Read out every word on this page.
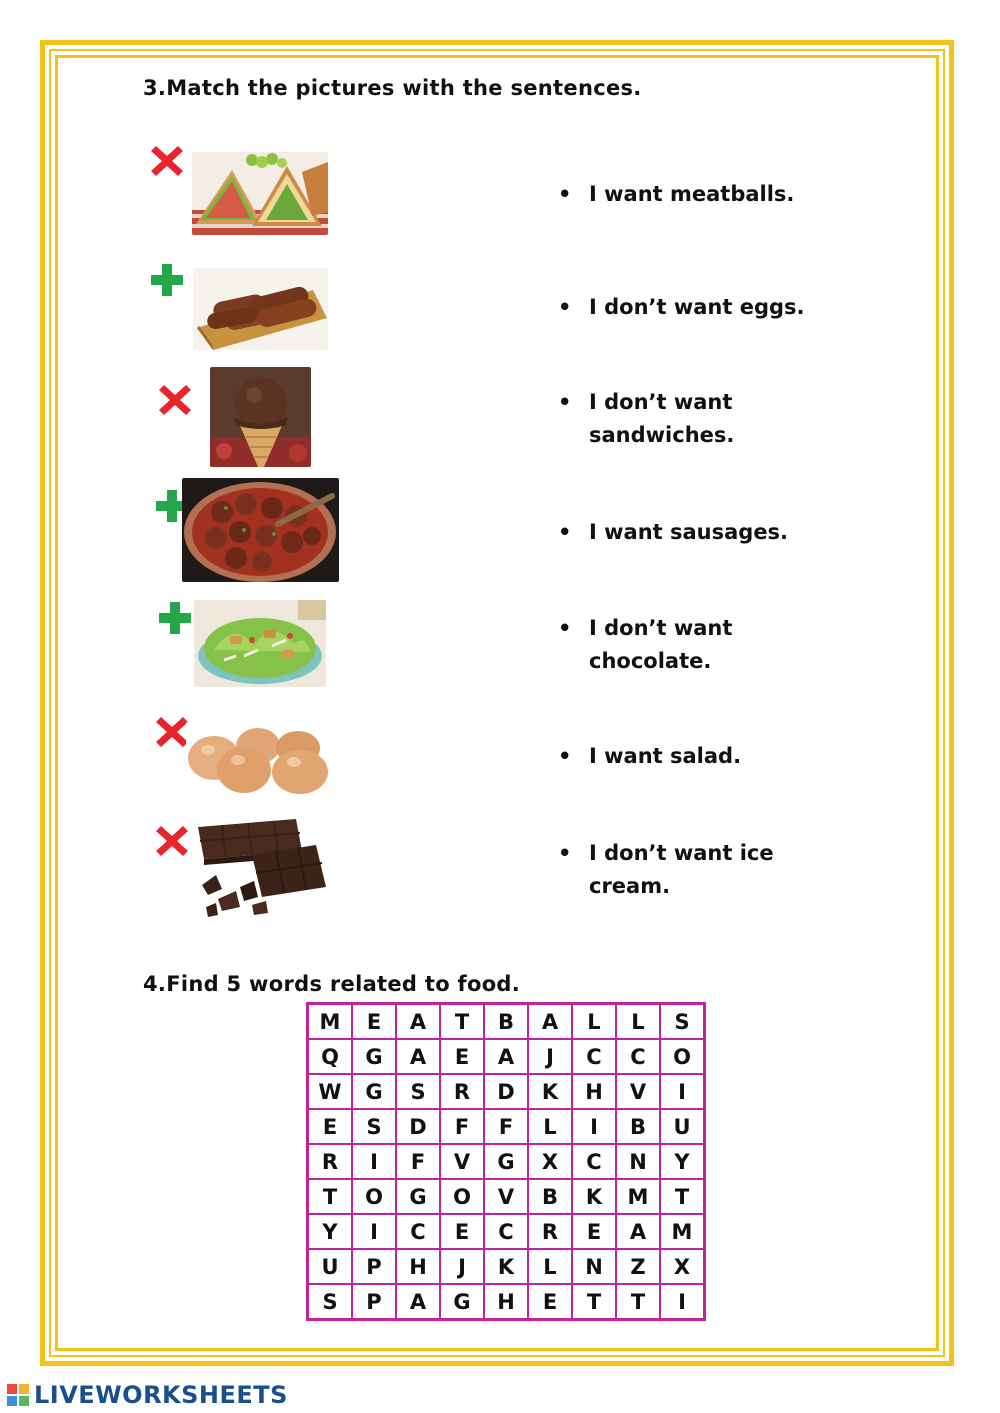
3.Match the pictures with the sentences.
• I want meatballs.
• I don’t want eggs.
• I don’t want sandwiches.
• I want sausages.
• I don’t want chocolate.
• I want salad.
• I don’t want ice cream.
4.Find 5 words related to food.
M	E	A	T	B	A	L	L	S
Q	G	A	E	A	J	C	C	O
W	G	S	R	D	K	H	V	I
E	S	D	F	F	L	I	B	U
R	I	F	V	G	X	C	N	Y
T	O	G	O	V	B	K	M	T
Y	I	C	E	C	R	E	A	M
U	P	H	J	K	L	N	Z	X
S	P	A	G	H	E	T	T	I
LIVEWORKSHEETS
